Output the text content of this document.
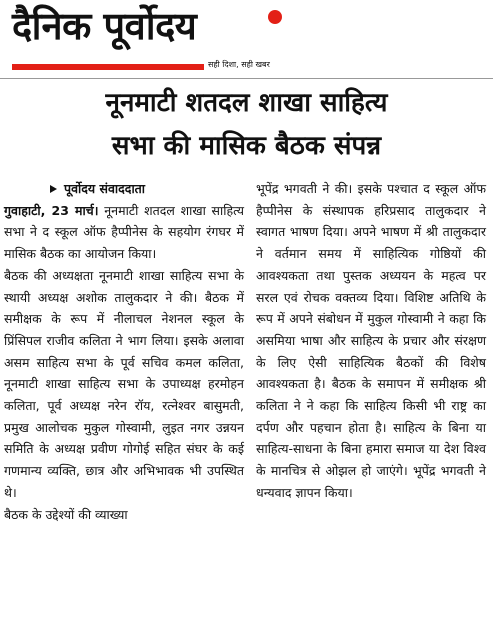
दैनिक पूर्वोदय
सही दिशा, सही खबर
नूनमाटी शतदल शाखा साहित्य
सभा की मासिक बैठक संपन्न
पूर्वोदय संवाददाता

गुवाहाटी, 23 मार्च। नूनमाटी शतदल शाखा साहित्य सभा ने द स्कूल ऑफ हैप्पीनेस के सहयोग रंगघर में मासिक बैठक का आयोजन किया।

बैठक की अध्यक्षता नूनमाटी शाखा साहित्य सभा के स्थायी अध्यक्ष अशोक तालुकदार ने की। बैठक में समीक्षक के रूप में नीलाचल नेशनल स्कूल के प्रिंसिपल राजीव कलिता ने भाग लिया। इसके अलावा असम साहित्य सभा के पूर्व सचिव कमल कलिता, नूनमाटी शाखा साहित्य सभा के उपाध्यक्ष हरमोहन कलिता, पूर्व अध्यक्ष नरेन रॉय, रत्नेश्वर बासुमती, प्रमुख आलोचक मुकुल गोस्वामी, लुइत नगर उन्नयन समिति के अध्यक्ष प्रवीण गोगोई सहित संघर के कई गणमान्य व्यक्ति, छात्र और अभिभावक भी उपस्थित थे।

बैठक के उद्देश्यों की व्याख्या

भूपेंद्र भगवती ने की। इसके पश्चात द स्कूल ऑफ हैप्पीनेस के संस्थापक हरिप्रसाद तालुकदार ने स्वागत भाषण दिया। अपने भाषण में श्री तालुकदार ने वर्तमान समय में साहित्यिक गोष्ठियों की आवश्यकता तथा पुस्तक अध्ययन के महत्व पर सरल एवं रोचक वक्तव्य दिया। विशिष्ट अतिथि के रूप में अपने संबोधन में मुकुल गोस्वामी ने कहा कि असमिया भाषा और साहित्य के प्रचार और संरक्षण के लिए ऐसी साहित्यिक बैठकों की विशेष आवश्यकता है। बैठक के समापन में समीक्षक श्री कलिता ने ने कहा कि साहित्य किसी भी राष्ट्र का दर्पण और पहचान होता है। साहित्य के बिना या साहित्य-साधना के बिना हमारा समाज या देश विश्व के मानचित्र से ओझल हो जाएंगे। भूपेंद्र भगवती ने धन्यवाद ज्ञापन किया।
